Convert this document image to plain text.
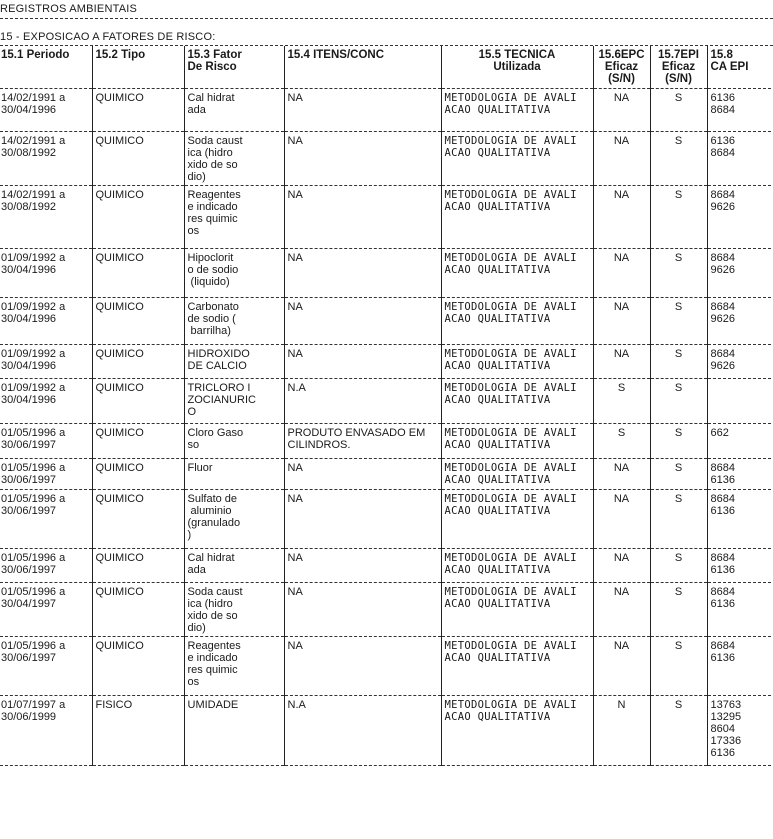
REGISTROS AMBIENTAIS
15 - EXPOSICAO A FATORES DE RISCO:
15.1 Periodo	15.2 Tipo	15.3 Fator
De Risco	15.4 ITENS/CONC	15.5 TECNICA
Utilizada	15.6EPC
Eficaz
(S/N)	15.7EPI
Eficaz
(S/N)	15.8
CA EPI

14/02/1991 a
30/04/1996	QUIMICO	Cal hidrat
ada	NA	METODOLOGIA DE AVALI
ACAO QUALITATIVA	NA	S	6136
8684

14/02/1991 a
30/08/1992	QUIMICO	Soda caust
ica (hidro
xido de so
dio)	NA	METODOLOGIA DE AVALI
ACAO QUALITATIVA	NA	S	6136
8684

14/02/1991 a
30/08/1992	QUIMICO	Reagentes
e indicado
res quimic
os	NA	METODOLOGIA DE AVALI
ACAO QUALITATIVA	NA	S	8684
9626

01/09/1992 a
30/04/1996	QUIMICO	Hipoclorit
o de sodio
(liquido)	NA	METODOLOGIA DE AVALI
ACAO QUALITATIVA	NA	S	8684
9626

01/09/1992 a
30/04/1996	QUIMICO	Carbonato
de sodio (
barrilha)	NA	METODOLOGIA DE AVALI
ACAO QUALITATIVA	NA	S	8684
9626

01/09/1992 a
30/04/1996	QUIMICO	HIDROXIDO
DE CALCIO	NA	METODOLOGIA DE AVALI
ACAO QUALITATIVA	NA	S	8684
9626

01/09/1992 a
30/04/1996	QUIMICO	TRICLORO I
ZOCIANURIC
O	N.A	METODOLOGIA DE AVALI
ACAO QUALITATIVA	S	S	

01/05/1996 a
30/06/1997	QUIMICO	Cloro Gaso
so	PRODUTO ENVASADO EM CILINDROS.	METODOLOGIA DE AVALI
ACAO QUALITATIVA	S	S	662

01/05/1996 a
30/06/1997	QUIMICO	Fluor	NA	METODOLOGIA DE AVALI
ACAO QUALITATIVA	NA	S	8684
6136

01/05/1996 a
30/06/1997	QUIMICO	Sulfato de
aluminio
(granulado
)	NA	METODOLOGIA DE AVALI
ACAO QUALITATIVA	NA	S	8684
6136

01/05/1996 a
30/06/1997	QUIMICO	Cal hidrat
ada	NA	METODOLOGIA DE AVALI
ACAO QUALITATIVA	NA	S	8684
6136

01/05/1996 a
30/04/1997	QUIMICO	Soda caust
ica (hidro
xido de so
dio)	NA	METODOLOGIA DE AVALI
ACAO QUALITATIVA	NA	S	8684
6136

01/05/1996 a
30/06/1997	QUIMICO	Reagentes
e indicado
res quimic
os	NA	METODOLOGIA DE AVALI
ACAO QUALITATIVA	NA	S	8684
6136

01/07/1997 a
30/06/1999	FISICO	UMIDADE	N.A	METODOLOGIA DE AVALI
ACAO QUALITATIVA	N	S	13763
13295
8604
17336
6136
